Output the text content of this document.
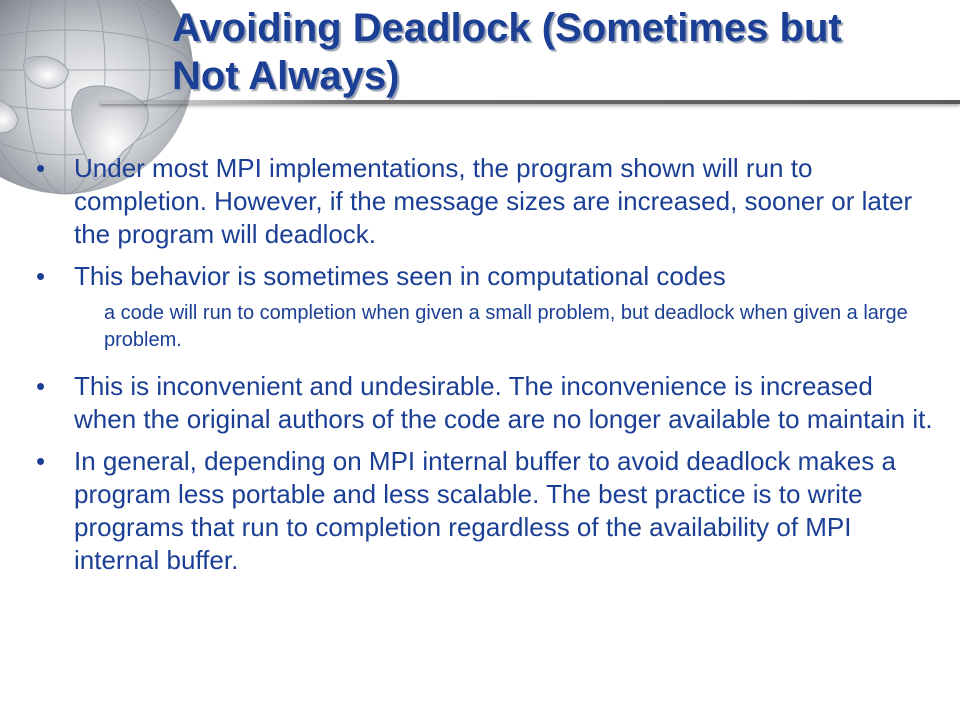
Avoiding Deadlock (Sometimes but
Not Always)
•	Under most MPI implementations, the program shown will run to completion. However, if the message sizes are increased, sooner or later the program will deadlock.
•	This behavior is sometimes seen in computational codes
a code will run to completion when given a small problem, but deadlock when given a large problem.
•	This is inconvenient and undesirable. The inconvenience is increased when the original authors of the code are no longer available to maintain it.
•	In general, depending on MPI internal buffer to avoid deadlock makes a program less portable and less scalable. The best practice is to write programs that run to completion regardless of the availability of MPI internal buffer.
